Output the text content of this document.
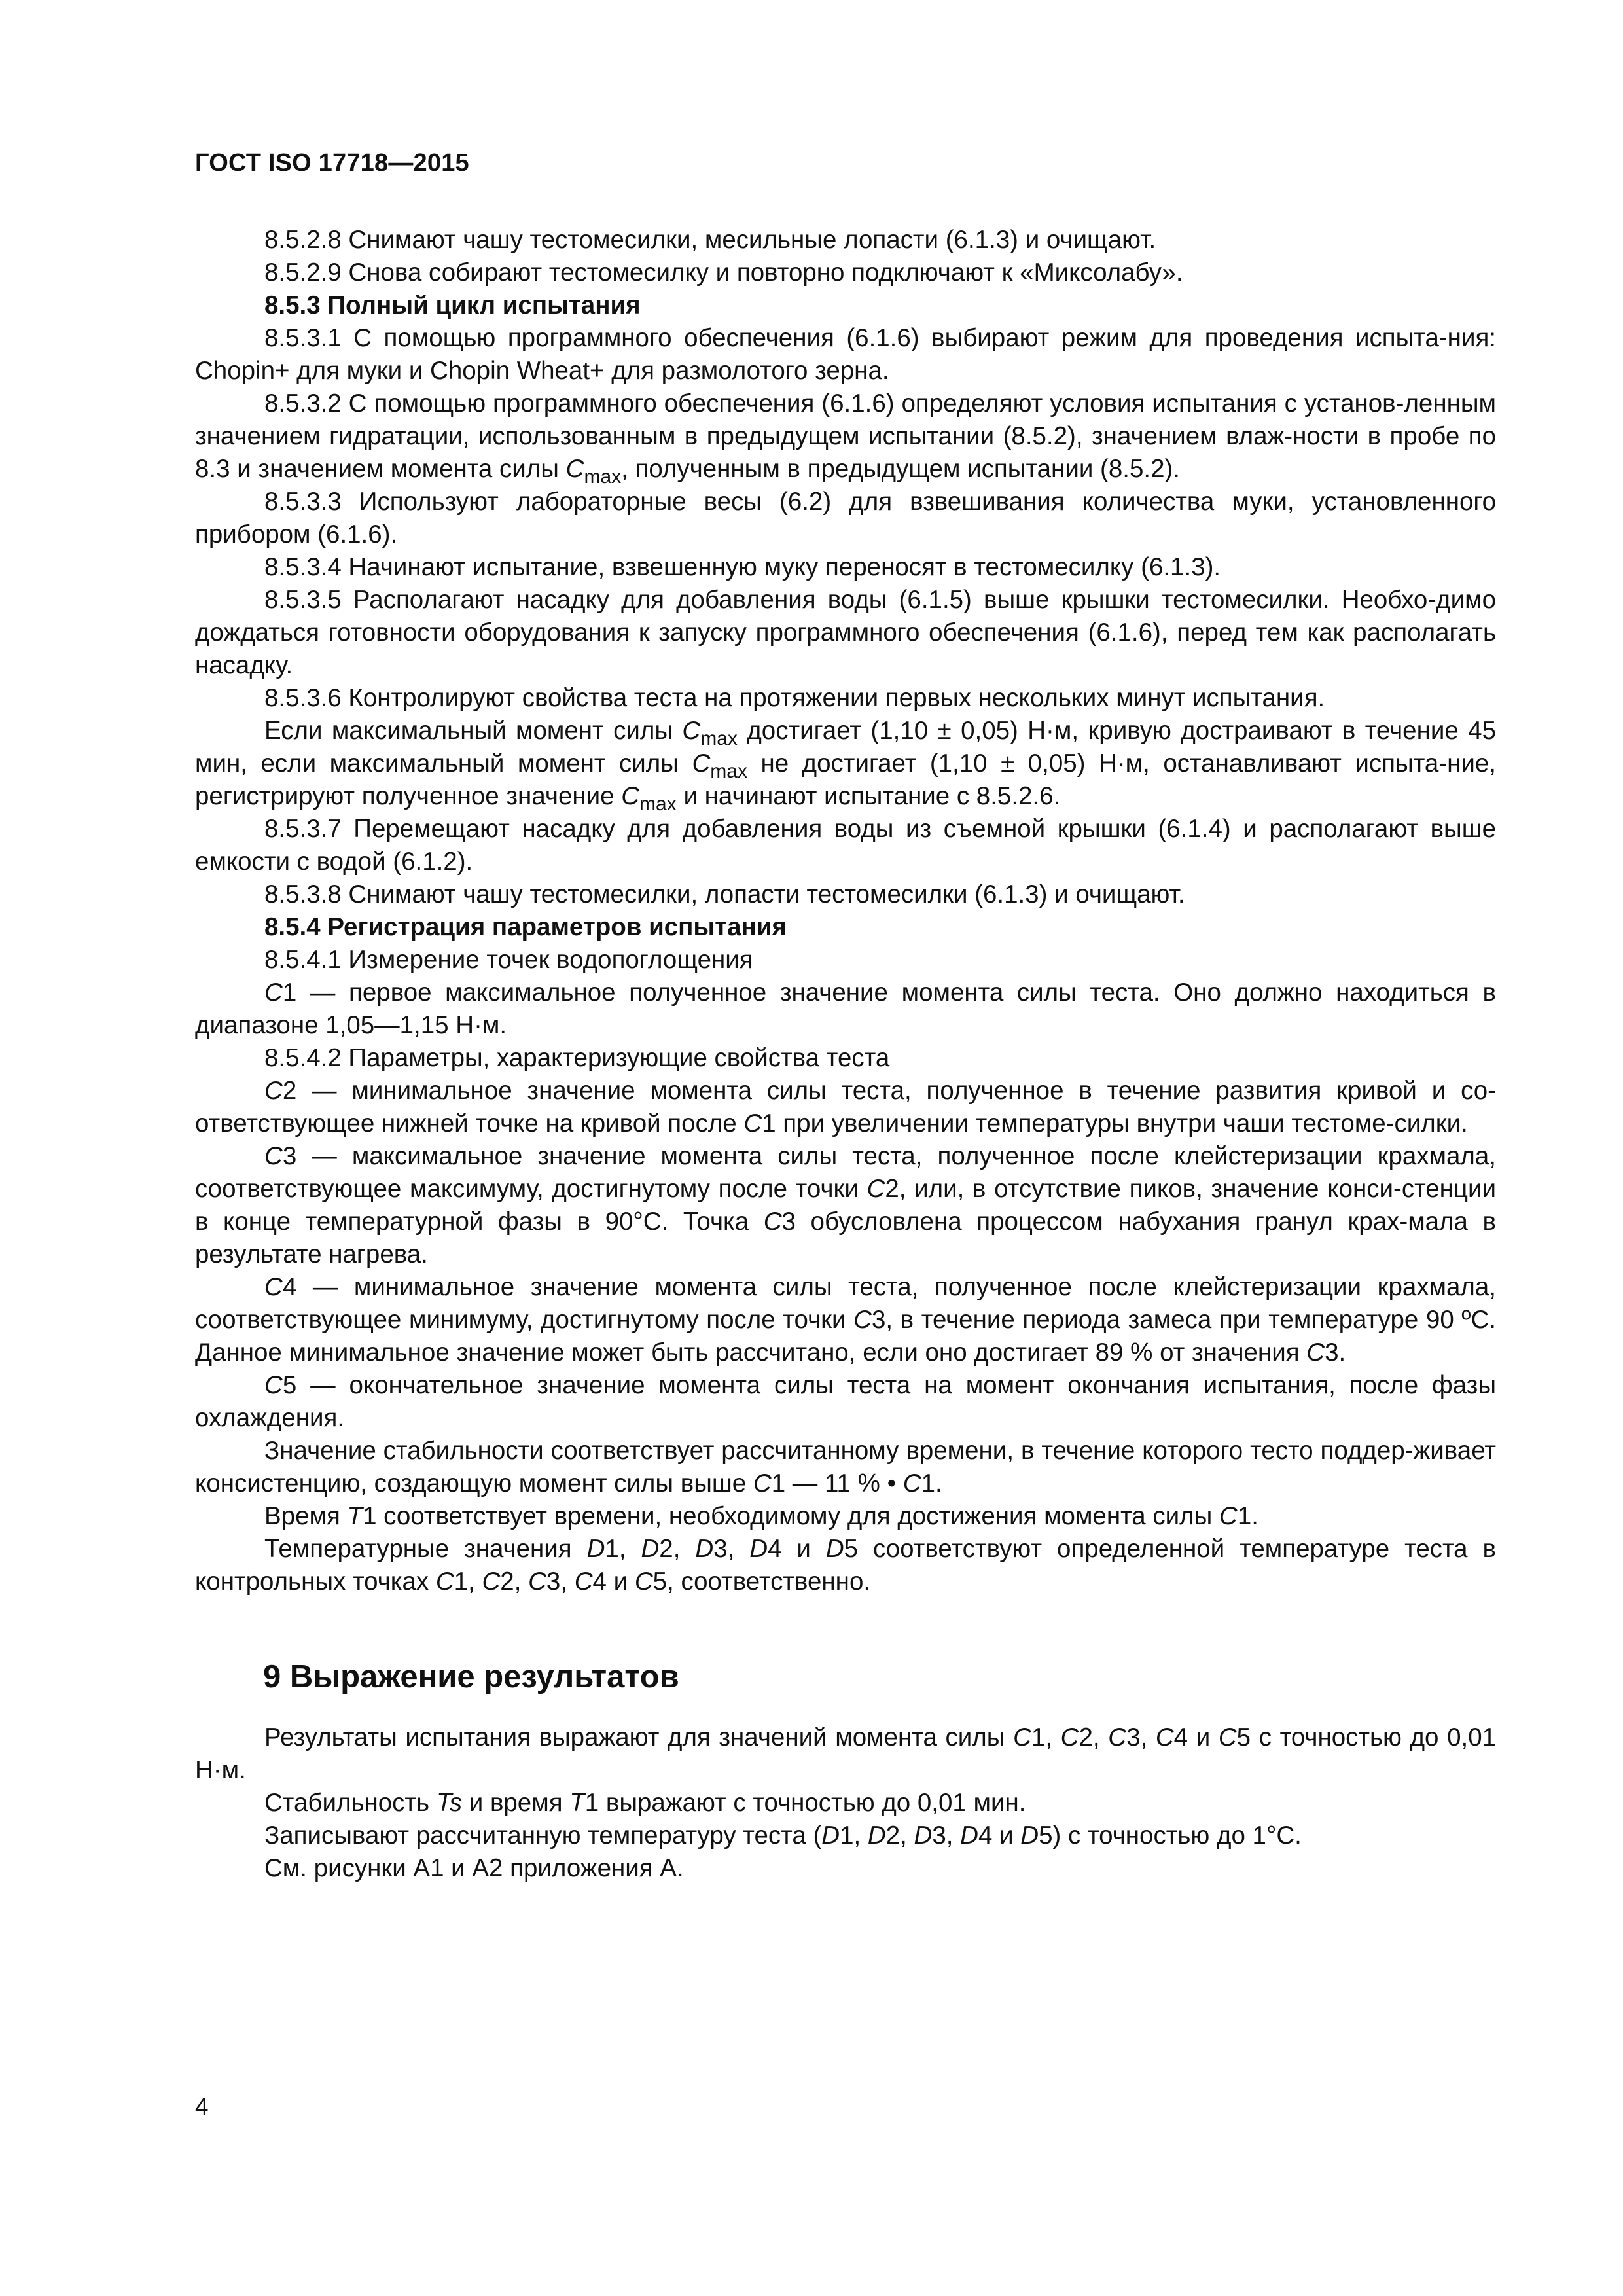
ГОСТ ISO 17718—2015

8.5.2.8 Снимают чашу тестомесилки, месильные лопасти (6.1.3) и очищают.

8.5.2.9 Снова собирают тестомесилку и повторно подключают к «Миксолабу».

8.5.3 Полный цикл испытания

8.5.3.1 С помощью программного обеспечения (6.1.6) выбирают режим для проведения испыта-ния: Chopin+ для муки и Chopin Wheat+ для размолотого зерна.

8.5.3.2 С помощью программного обеспечения (6.1.6) определяют условия испытания с установ-ленным значением гидратации, использованным в предыдущем испытании (8.5.2), значением влаж-ности в пробе по 8.3 и значением момента силы $C_{max}$, полученным в предыдущем испытании (8.5.2).

8.5.3.3 Используют лабораторные весы (6.2) для взвешивания количества муки, установленного прибором (6.1.6).

8.5.3.4 Начинают испытание, взвешенную муку переносят в тестомесилку (6.1.3).

8.5.3.5 Располагают насадку для добавления воды (6.1.5) выше крышки тестомесилки. Необхо-димо дождаться готовности оборудования к запуску программного обеспечения (6.1.6), перед тем как располагать насадку.

8.5.3.6 Контролируют свойства теста на протяжении первых нескольких минут испытания.

Если максимальный момент силы $C_{max}$ достигает (1,10 ± 0,05) Н·м, кривую достраивают в течение 45 мин, если максимальный момент силы $C_{max}$ не достигает (1,10 ± 0,05) Н·м, останавливают испыта-ние, регистрируют полученное значение $C_{max}$ и начинают испытание с 8.5.2.6.

8.5.3.7 Перемещают насадку для добавления воды из съемной крышки (6.1.4) и располагают выше емкости с водой (6.1.2).

8.5.3.8 Снимают чашу тестомесилки, лопасти тестомесилки (6.1.3) и очищают.

8.5.4 Регистрация параметров испытания

8.5.4.1 Измерение точек водопоглощения

C1 — первое максимальное полученное значение момента силы теста. Оно должно находиться в диапазоне 1,05—1,15 Н·м.

8.5.4.2 Параметры, характеризующие свойства теста

C2 — минимальное значение момента силы теста, полученное в течение развития кривой и со-ответствующее нижней точке на кривой после C1 при увеличении температуры внутри чаши тестоме-силки.

C3 — максимальное значение момента силы теста, полученное после клейстеризации крахмала, соответствующее максимуму, достигнутому после точки C2, или, в отсутствие пиков, значение конси-стенции в конце температурной фазы в 90°С. Точка C3 обусловлена процессом набухания гранул крах-мала в результате нагрева.

C4 — минимальное значение момента силы теста, полученное после клейстеризации крахмала, соответствующее минимуму, достигнутому после точки C3, в течение периода замеса при температуре 90 ºС. Данное минимальное значение может быть рассчитано, если оно достигает 89 % от значения C3.

C5 — окончательное значение момента силы теста на момент окончания испытания, после фазы охлаждения.

Значение стабильности соответствует рассчитанному времени, в течение которого тесто поддер-живает консистенцию, создающую момент силы выше C1 — 11 % • C1.

Время T1 соответствует времени, необходимому для достижения момента силы C1.

Температурные значения D1, D2, D3, D4 и D5 соответствуют определенной температуре теста в контрольных точках C1, C2, C3, C4 и C5, соответственно.

9 Выражение результатов

Результаты испытания выражают для значений момента силы C1, C2, C3, C4 и C5 с точностью до 0,01 Н·м.

Стабильность Ts и время T1 выражают с точностью до 0,01 мин.

Записывают рассчитанную температуру теста (D1, D2, D3, D4 и D5) с точностью до 1°С.

См. рисунки А1 и А2 приложения А.

4
